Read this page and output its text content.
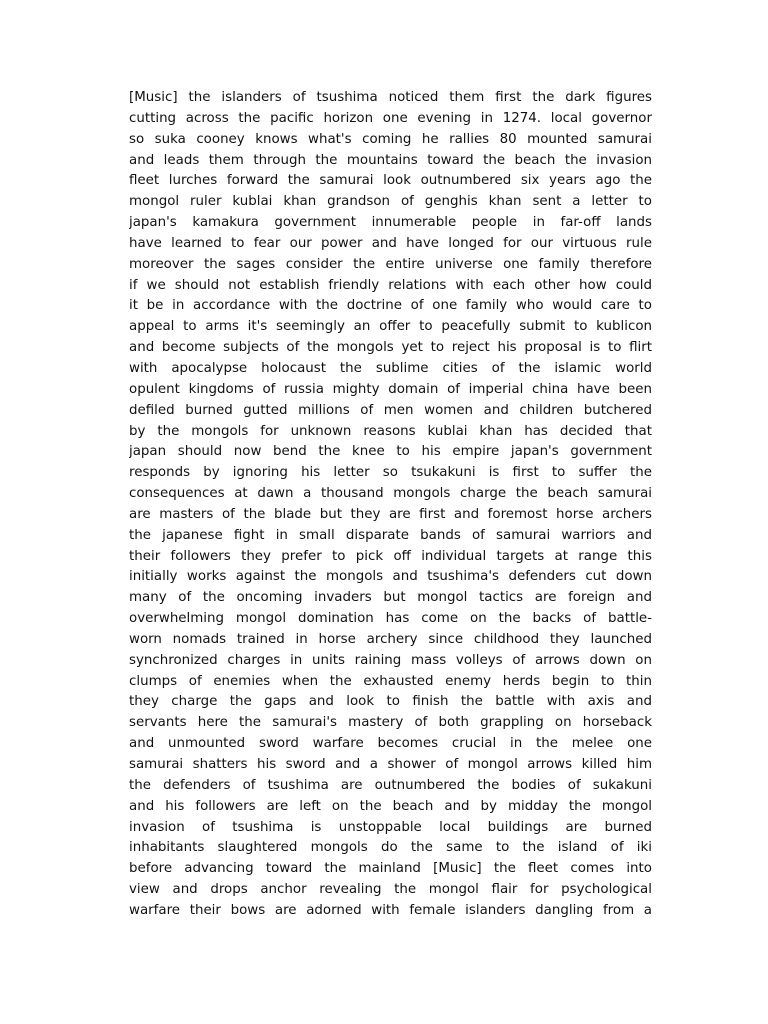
[Music] the islanders of tsushima noticed them first the dark figures
cutting across the pacific horizon one evening in 1274. local governor
so suka cooney knows what's coming he rallies 80 mounted samurai
and leads them through the mountains toward the beach the invasion
fleet lurches forward the samurai look outnumbered six years ago the
mongol ruler kublai khan grandson of genghis khan sent a letter to
japan's kamakura government innumerable people in far-off lands
have learned to fear our power and have longed for our virtuous rule
moreover the sages consider the entire universe one family therefore
if we should not establish friendly relations with each other how could
it be in accordance with the doctrine of one family who would care to
appeal to arms it's seemingly an offer to peacefully submit to kublicon
and become subjects of the mongols yet to reject his proposal is to flirt
with apocalypse holocaust the sublime cities of the islamic world
opulent kingdoms of russia mighty domain of imperial china have been
defiled burned gutted millions of men women and children butchered
by the mongols for unknown reasons kublai khan has decided that
japan should now bend the knee to his empire japan's government
responds by ignoring his letter so tsukakuni is first to suffer the
consequences at dawn a thousand mongols charge the beach samurai
are masters of the blade but they are first and foremost horse archers
the japanese fight in small disparate bands of samurai warriors and
their followers they prefer to pick off individual targets at range this
initially works against the mongols and tsushima's defenders cut down
many of the oncoming invaders but mongol tactics are foreign and
overwhelming mongol domination has come on the backs of battle-
worn nomads trained in horse archery since childhood they launched
synchronized charges in units raining mass volleys of arrows down on
clumps of enemies when the exhausted enemy herds begin to thin
they charge the gaps and look to finish the battle with axis and
servants here the samurai's mastery of both grappling on horseback
and unmounted sword warfare becomes crucial in the melee one
samurai shatters his sword and a shower of mongol arrows killed him
the defenders of tsushima are outnumbered the bodies of sukakuni
and his followers are left on the beach and by midday the mongol
invasion of tsushima is unstoppable local buildings are burned
inhabitants slaughtered mongols do the same to the island of iki
before advancing toward the mainland [Music] the fleet comes into
view and drops anchor revealing the mongol flair for psychological
warfare their bows are adorned with female islanders dangling from a
